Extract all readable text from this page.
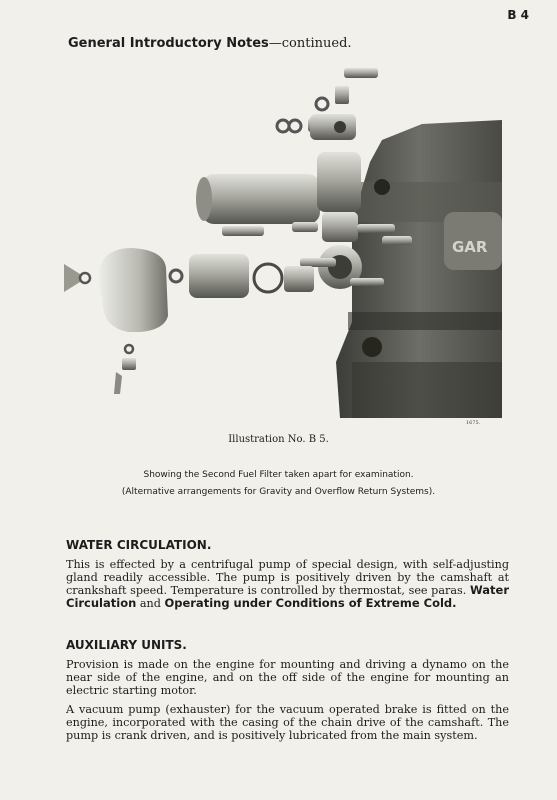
B 4
General Introductory Notes—continued.
GAR
1675.
Illustration No. B 5.
Showing the Second Fuel Filter taken apart for examination.
(Alternative arrangements for Gravity and Overflow Return Systems).
WATER CIRCULATION.

This is effected by a centrifugal pump of special design, with self-adjusting gland readily accessible. The pump is positively driven by the camshaft at crankshaft speed. Temperature is controlled by thermostat, see paras. Water Circulation and Operating under Conditions of Extreme Cold.

AUXILIARY UNITS.

Provision is made on the engine for mounting and driving a dynamo on the near side of the engine, and on the off side of the engine for mounting an electric starting motor.

A vacuum pump (exhauster) for the vacuum operated brake is fitted on the engine, incorporated with the casing of the chain drive of the camshaft. The pump is crank driven, and is positively lubricated from the main system.
